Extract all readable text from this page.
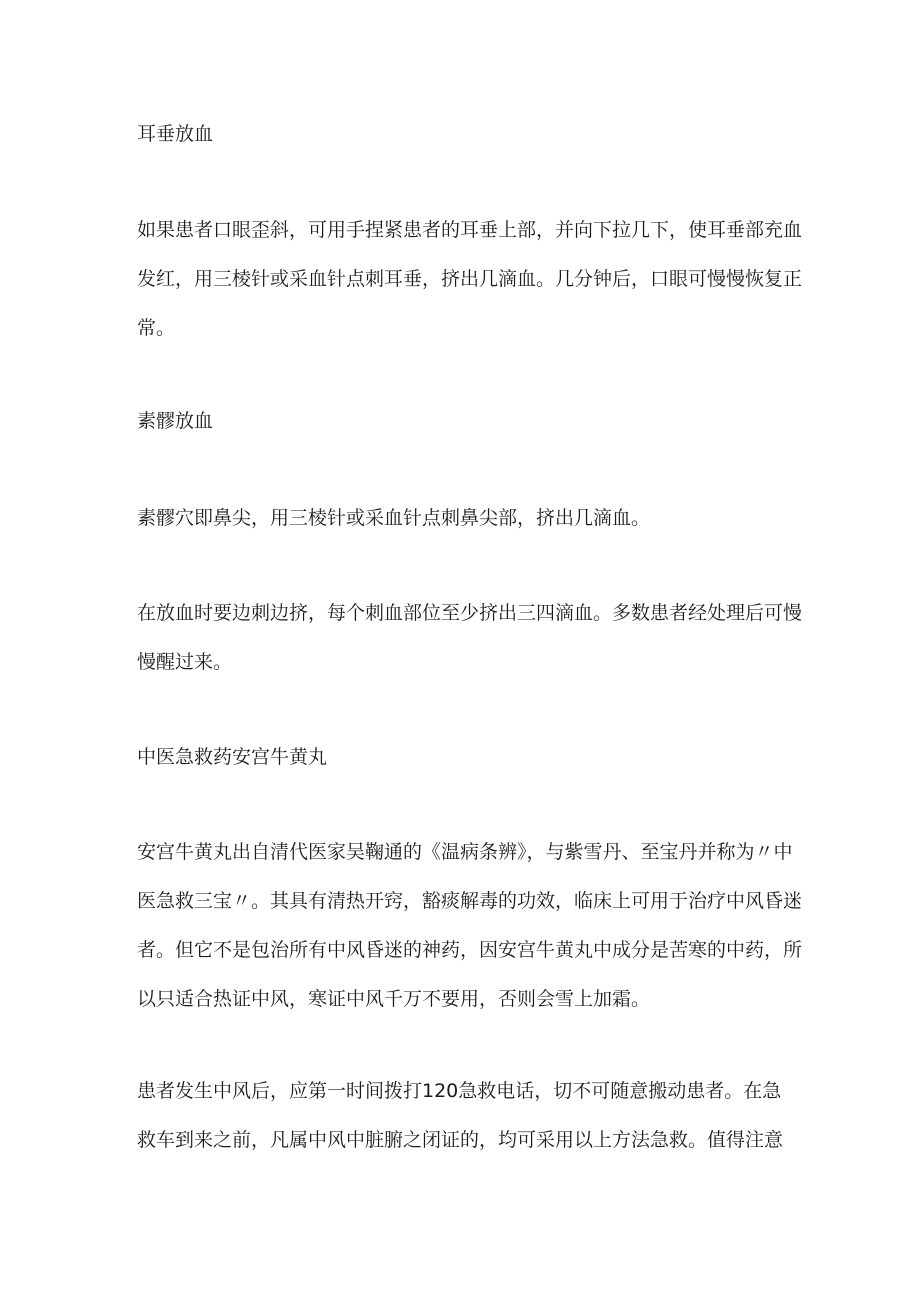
耳垂放血
如果患者口眼歪斜，可用手捏紧患者的耳垂上部，并向下拉几下，使耳垂部充血
发红，用三棱针或采血针点刺耳垂，挤出几滴血。几分钟后，口眼可慢慢恢复正
常。
素髎放血
素髎穴即鼻尖，用三棱针或采血针点刺鼻尖部，挤出几滴血。
在放血时要边刺边挤，每个刺血部位至少挤出三四滴血。多数患者经处理后可慢
慢醒过来。
中医急救药安宫牛黄丸
安宫牛黄丸出自清代医家吴鞠通的《温病条辨》，与紫雪丹、至宝丹并称为〃中
医急救三宝〃。其具有清热开窍，豁痰解毒的功效，临床上可用于治疗中风昏迷
者。但它不是包治所有中风昏迷的神药，因安宫牛黄丸中成分是苦寒的中药，所
以只适合热证中风，寒证中风千万不要用，否则会雪上加霜。
患者发生中风后，应第一时间拨打120急救电话，切不可随意搬动患者。在急
救车到来之前，凡属中风中脏腑之闭证的，均可采用以上方法急救。值得注意
